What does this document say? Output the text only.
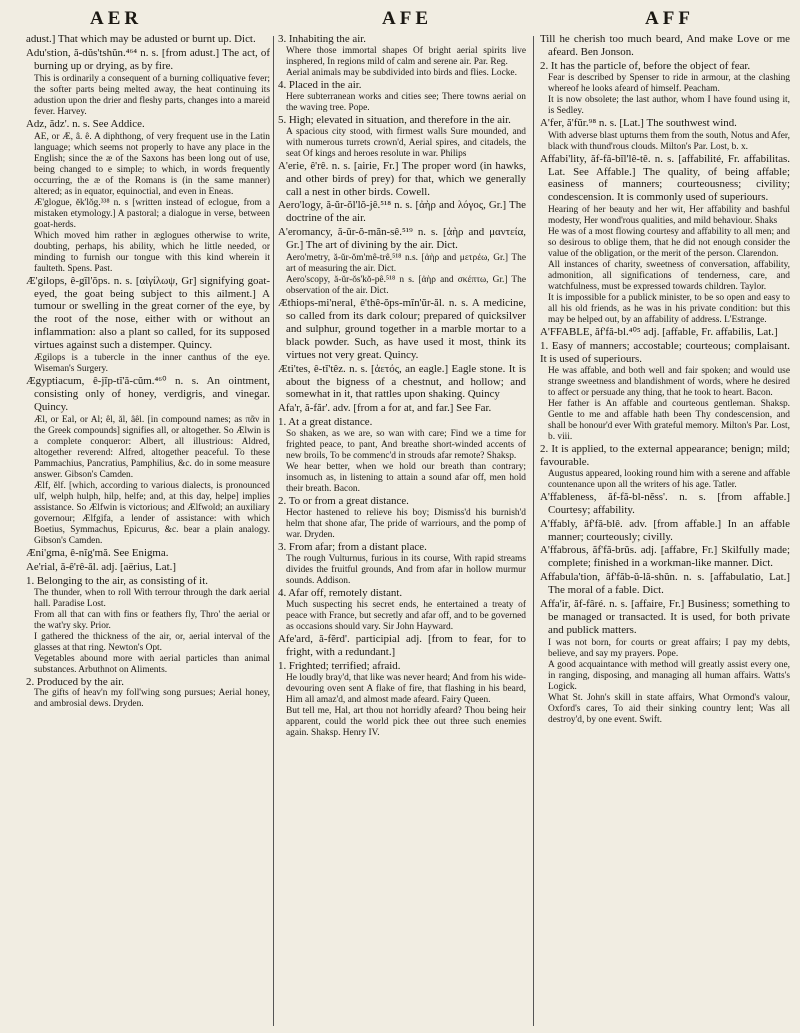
AER	AFE	AFF

adust.] That which may be adusted or burnt up. Dict.

Adu'stion, ă-dŭs'tshŭn.⁴⁶⁴ n. s. [from adust.] The act, of burning up or drying, as by fire.

This is ordinarily a consequent of a burning colliquative fever; the softer parts being melted away, the heat continuing its adustion upon the drier and fleshy parts, changes into a mareid fever. Harvey.

Adz, ădz'. n. s. See Addice.

AE, or Æ, â. ê. A diphthong, of very frequent use in the Latin language; which seems not properly to have any place in the English; since the æ of the Saxons has been long out of use, being changed to e simple; to which, in words frequently occurring, the æ of the Romans is (in the same manner) altered; as in equator, equinoctial, and even in Eneas.

Æ'glogue, ĕk'lŏg.³³⁸ n. s [written instead of eclogue, from a mistaken etymology.] A pastoral; a dialogue in verse, between goat-herds.

Which moved him rather in æglogues otherwise to write, doubting, perhaps, his ability, which he little needed, or minding to furnish our tongue with this kind wherein it faulteth. Spens. Past.

Æ'gilops, ê-gĭl'ŏps. n. s. [αἰγίλωψ, Gr] signifying goat-eyed, the goat being subject to this ailment.] A tumour or swelling in the great corner of the eye, by the root of the nose, either with or without an inflammation: also a plant so called, for its supposed virtues against such a distemper. Quincy.

Ægilops is a tubercle in the inner canthus of the eye. Wiseman's Surgery.

Ægyptiacum, ê-jĭp-tĭ'ă-cŭm.⁴⁶⁰ n. s. An ointment, consisting only of honey, verdigris, and vinegar. Quincy.

Æl, or Eal, or Al; êl, ăl, âêl. [in compound names; as πᾶν in the Greek compounds] signifies all, or altogether. So Ælwin is a complete conqueror: Albert, all illustrious: Aldred, altogether reverend: Alfred, altogether peaceful. To these Pammachius, Pancratius, Pamphilius, &c. do in some measure answer. Gibson's Camden.

Ælf, ĕlf. [which, according to various dialects, is pronounced ulf, welph hulph, hilp, helfe; and, at this day, helpe] implies assistance. So Ælfwin is victorious; and Ælfwold; an auxiliary governour; Ælfgifa, a lender of assistance: with which Boetius, Symmachus, Epicurus, &c. bear a plain analogy. Gibson's Camden.

Æni'gma, ê-nĭg'mă. See Enigma.

Ae'rial, ă-ê'rê-ăl. adj. [aërius, Lat.]

1. Belonging to the air, as consisting of it.

The thunder, when to roll With terrour through the dark aerial hall. Paradise Lost.

From all that can with fins or feathers fly, Thro' the aerial or the wat'ry sky. Prior.

I gathered the thickness of the air, or, aerial interval of the glasses at that ring. Newton's Opt.

Vegetables abound more with aerial particles than animal substances. Arbuthnot on Aliments.

2. Produced by the air.

The gifts of heav'n my foll'wing song pursues; Aerial honey, and ambrosial dews. Dryden.

3. Inhabiting the air.

Where those immortal shapes Of bright aerial spirits live insphered, In regions mild of calm and serene air. Par. Reg.

Aerial animals may be subdivided into birds and flies. Locke.

4. Placed in the air.

Here subterranean works and cities see; There towns aerial on the waving tree. Pope.

5. High; elevated in situation, and therefore in the air.

A spacious city stood, with firmest walls Sure mounded, and with numerous turrets crown'd, Aerial spires, and citadels, the seat Of kings and heroes resolute in war. Philips

A'erie, ê'rê. n. s. [airie, Fr.] The proper word (in hawks, and other birds of prey) for that, which we generally call a nest in other birds. Cowell.

Aero'logy, ă-ŭr-ŏl'lŏ-jê.⁵¹⁸ n. s. [ἀὴρ and λόγος, Gr.] The doctrine of the air.

A'eromancy, ă-ŭr-ŏ-măn-sê.⁵¹⁹ n. s. [ἀὴρ and μαντεία, Gr.] The art of divining by the air. Dict.

Aero'metry, ă-ŭr-ŏm'mê-trê.⁵¹⁸ n.s. [ἀὴρ and μετρέω, Gr.] The art of measuring the air. Dict.

Aero'scopy, ă-ŭr-ŏs'kŏ-pê.⁵¹⁸ n s. [ἀὴρ and σκέπτω, Gr.] The observation of the air. Dict.

Æthiops-mi'neral, ê'thê-ŏps-mĭn'ŭr-ăl. n. s. A medicine, so called from its dark colour; prepared of quicksilver and sulphur, ground together in a marble mortar to a black powder. Such, as have used it most, think its virtues not very great. Quincy.

Æti'tes, ê-tĭ'têz. n. s. [ἀετός, an eagle.] Eagle stone. It is about the bigness of a chestnut, and hollow; and somewhat in it, that rattles upon shaking. Quincy

Afa'r, ă-făr'. adv. [from a for at, and far.] See Far.

1. At a great distance.

So shaken, as we are, so wan with care; Find we a time for frighted peace, to pant, And breathe short-winded accents of new broils, To be commenc'd in strouds afar remote? Shaksp.

We hear better, when we hold our breath than contrary; insomuch as, in listening to attain a sound afar off, men hold their breath. Bacon.

2. To or from a great distance.

Hector hastened to relieve his boy; Dismiss'd his burnish'd helm that shone afar, The pride of warriours, and the pomp of war. Dryden.

3. From afar; from a distant place.

The rough Vulturnus, furious in its course, With rapid streams divides the fruitful grounds, And from afar in hollow murmur sounds. Addison.

4. Afar off, remotely distant.

Much suspecting his secret ends, he entertained a treaty of peace with France, but secretly and afar off, and to be governed as occasions should vary. Sir John Hayward.

Afe'ard, ă-fĕrd'. participial adj. [from to fear, for to fright, with a redundant.]

1. Frighted; terrified; afraid.

He loudly bray'd, that like was never heard; And from his wide-devouring oven sent A flake of fire, that flashing in his beard, Him all amaz'd, and almost made afeard. Fairy Queen.

But tell me, Hal, art thou not horridly afeard? Thou being heir apparent, could the world pick thee out three such enemies again. Shaksp. Henry IV.

Till he cherish too much beard, And make Love or me afeard. Ben Jonson.

2. It has the particle of, before the object of fear.

Fear is described by Spenser to ride in armour, at the clashing whereof he looks afeard of himself. Peacham.

It is now obsolete; the last author, whom I have found using it, is Sedley.

A'fer, ă'fŭr.⁹⁸ n. s. [Lat.] The southwest wind.

With adverse blast upturns them from the south, Notus and Afer, black with thund'rous clouds. Milton's Par. Lost, b. x.

Affabi'lity, ăf-fă-bĭl'lê-tê. n. s. [affabilité, Fr. affabilitas. Lat. See Affable.] The quality, of being affable; easiness of manners; courteousness; civility; condescension. It is commonly used of superiours.

Hearing of her beauty and her wit, Her affability and bashful modesty, Her wond'rous qualities, and mild behaviour. Shaks

He was of a most flowing courtesy and affability to all men; and so desirous to oblige them, that he did not enough consider the value of the obligation, or the merit of the person. Clarendon.

All instances of charity, sweetness of conversation, affability, admonition, all significations of tenderness, care, and watchfulness, must be expressed towards children. Taylor.

It is impossible for a publick minister, to be so open and easy to all his old friends, as he was in his private condition: but this may be helped out, by an affability of address. L'Estrange.

A'FFABLE, ăf'fă-bl.⁴⁰⁵ adj. [affable, Fr. affabilis, Lat.]

1. Easy of manners; accostable; courteous; complaisant. It is used of superiours.

He was affable, and both well and fair spoken; and would use strange sweetness and blandishment of words, where he desired to affect or persuade any thing, that he took to heart. Bacon.

Her father is An affable and courteous gentleman. Shaksp. Gentle to me and affable hath been Thy condescension, and shall be honour'd ever With grateful memory. Milton's Par. Lost, b. viii.

2. It is applied, to the external appearance; benign; mild; favourable.

Augustus appeared, looking round him with a serene and affable countenance upon all the writers of his age. Tatler.

A'ffableness, ăf-fă-bl-nĕss'. n. s. [from affable.] Courtesy; affability.

A'ffably, ăf'fă-blê. adv. [from affable.] In an affable manner; courteously; civilly.

A'ffabrous, ăf'fă-brŭs. adj. [affabre, Fr.] Skilfully made; complete; finished in a workman-like manner. Dict.

Affabula'tion, ăf'făb-ŭ-lă-shŭn. n. s. [affabulatio, Lat.] The moral of a fable. Dict.

Affa'ir, ăf-fâré. n. s. [affaire, Fr.] Business; something to be managed or transacted. It is used, for both private and publick matters.

I was not born, for courts or great affairs; I pay my debts, believe, and say my prayers. Pope.

A good acquaintance with method will greatly assist every one, in ranging, disposing, and managing all human affairs. Watts's Logick.

What St. John's skill in state affairs, What Ormond's valour, Oxford's cares, To aid their sinking country lent; Was all destroy'd, by one event. Swift.
